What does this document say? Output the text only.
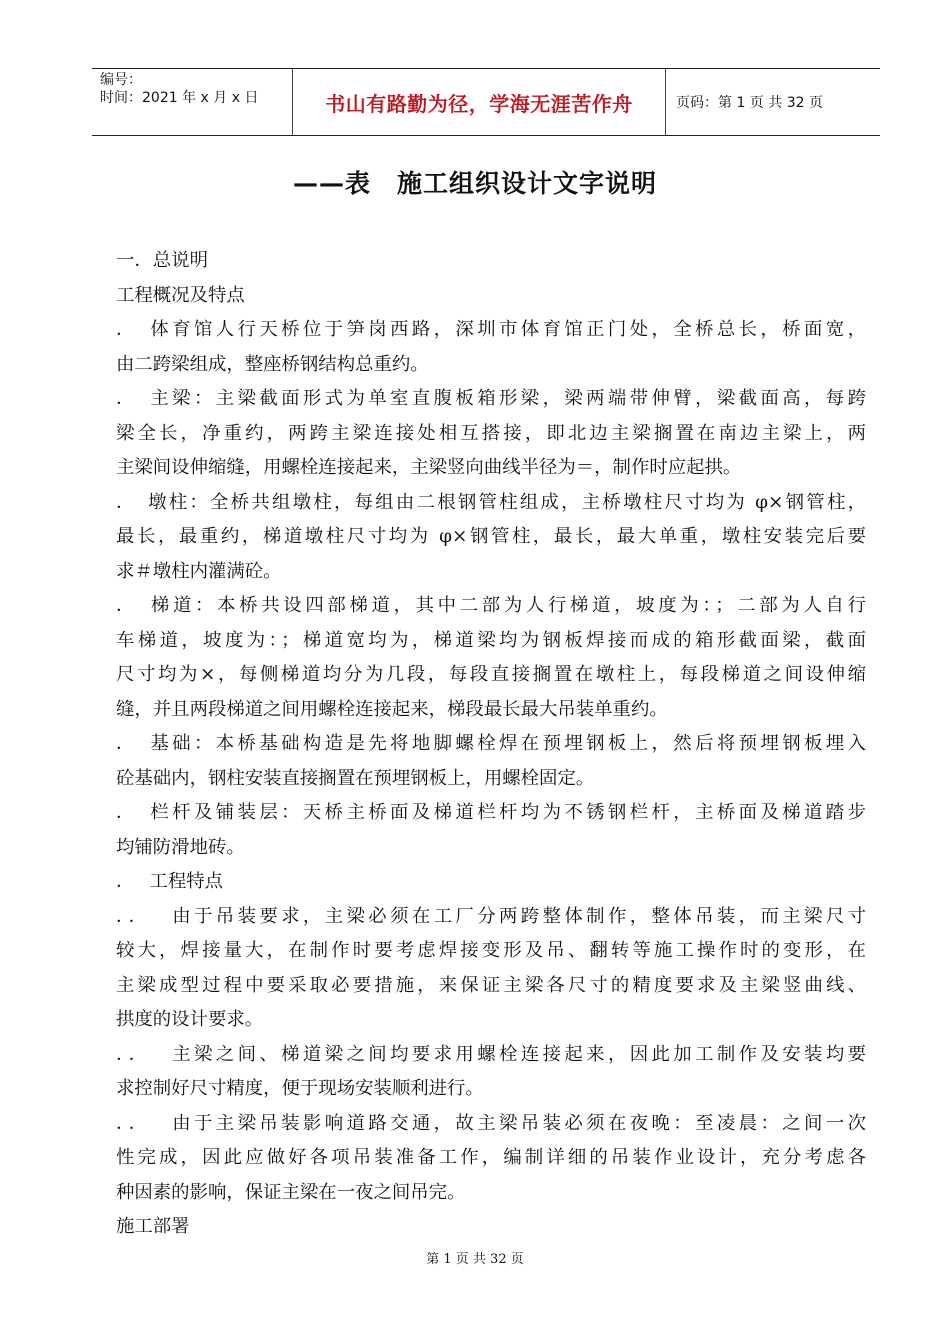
编号：
时间：2021 年 x 月 x 日	书山有路勤为径，学海无涯苦作舟	页码：第 1 页 共 32 页
——表　施工组织设计文字说明
一．总说明
工程概况及特点
．　体育馆人行天桥位于笋岗西路，深圳市体育馆正门处，全桥总长，桥面宽，
由二跨梁组成，整座桥钢结构总重约。
．　主梁：主梁截面形式为单室直腹板箱形梁，梁两端带伸臂，梁截面高，每跨
梁全长，净重约，两跨主梁连接处相互搭接，即北边主梁搁置在南边主梁上，两
主梁间设伸缩缝，用螺栓连接起来，主梁竖向曲线半径为＝，制作时应起拱。
．　墩柱：全桥共组墩柱，每组由二根钢管柱组成，主桥墩柱尺寸均为 φ×钢管柱，
最长，最重约，梯道墩柱尺寸均为 φ×钢管柱，最长，最大单重，墩柱安装完后要
求＃墩柱内灌满砼。
．　梯道：本桥共设四部梯道，其中二部为人行梯道，坡度为：；二部为人自行
车梯道，坡度为：；梯道宽均为，梯道梁均为钢板焊接而成的箱形截面梁，截面
尺寸均为×，每侧梯道均分为几段，每段直接搁置在墩柱上，每段梯道之间设伸缩
缝，并且两段梯道之间用螺栓连接起来，梯段最长最大吊装单重约。
．　基础：本桥基础构造是先将地脚螺栓焊在预埋钢板上，然后将预埋钢板埋入
砼基础内，钢柱安装直接搁置在预埋钢板上，用螺栓固定。
．　栏杆及铺装层：天桥主桥面及梯道栏杆均为不锈钢栏杆，主桥面及梯道踏步
均铺防滑地砖。
．　 工程特点
．．　 由于吊装要求，主梁必须在工厂分两跨整体制作，整体吊装，而主梁尺寸
较大，焊接量大，在制作时要考虑焊接变形及吊、翻转等施工操作时的变形，在
主梁成型过程中要采取必要措施，来保证主梁各尺寸的精度要求及主梁竖曲线、
拱度的设计要求。
．．　 主梁之间、梯道梁之间均要求用螺栓连接起来，因此加工制作及安装均要
求控制好尺寸精度，便于现场安装顺利进行。
．．　 由于主梁吊装影响道路交通，故主梁吊装必须在夜晚：至凌晨：之间一次
性完成，因此应做好各项吊装准备工作，编制详细的吊装作业设计，充分考虑各
种因素的影响，保证主梁在一夜之间吊完。
施工部署
第 1 页 共 32 页
